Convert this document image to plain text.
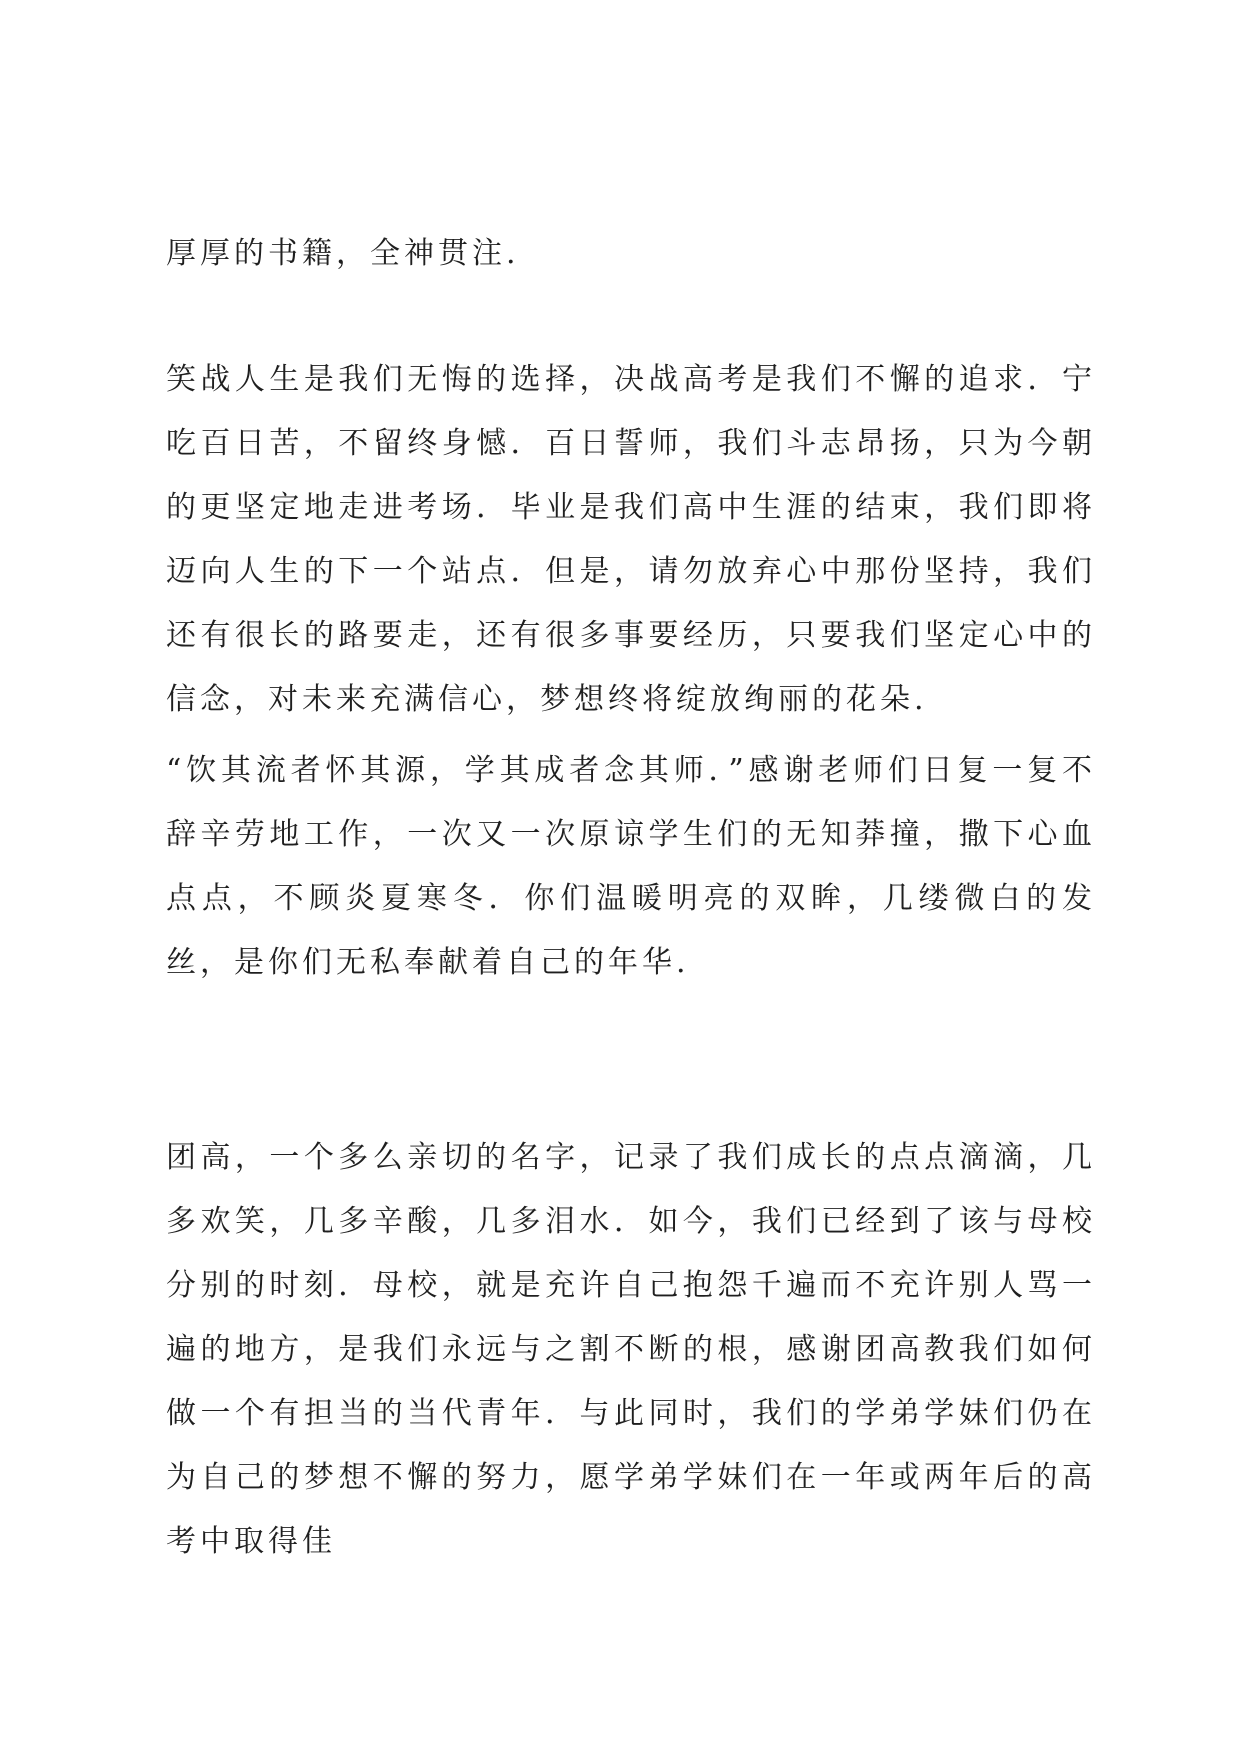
厚厚的书籍，全神贯注.

笑战人生是我们无悔的选择，决战高考是我们不懈的追求．宁吃百日苦，不留终身憾．百日誓师，我们斗志昂扬，只为今朝的更坚定地走进考场．毕业是我们高中生涯的结束，我们即将迈向人生的下一个站点．但是，请勿放弃心中那份坚持，我们还有很长的路要走，还有很多事要经历，只要我们坚定心中的信念，对未来充满信心，梦想终将绽放绚丽的花朵.

“饮其流者怀其源，学其成者念其师．”感谢老师们日复一复不辞辛劳地工作，一次又一次原谅学生们的无知莽撞，撒下心血点点，不顾炎夏寒冬．你们温暖明亮的双眸，几缕微白的发丝，是你们无私奉献着自己的年华.

团高，一个多么亲切的名字，记录了我们成长的点点滴滴，几多欢笑，几多辛酸，几多泪水．如今，我们已经到了该与母校分别的时刻．母校，就是充许自己抱怨千遍而不充许别人骂一遍的地方，是我们永远与之割不断的根，感谢团高教我们如何做一个有担当的当代青年．与此同时，我们的学弟学妹们仍在为自己的梦想不懈的努力，愿学弟学妹们在一年或两年后的高考中取得佳
